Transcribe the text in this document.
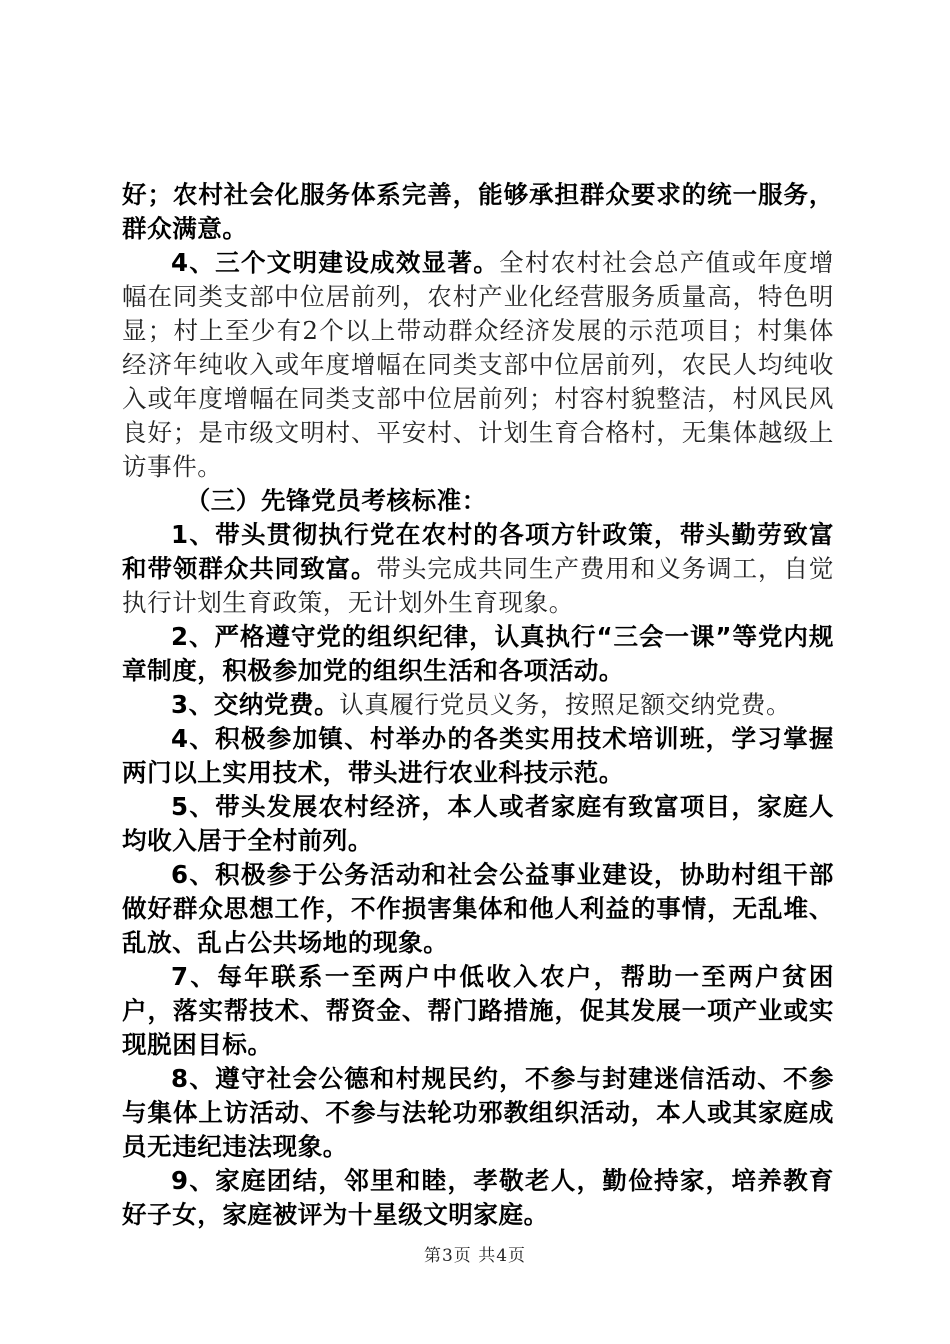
好；农村社会化服务体系完善，能够承担群众要求的统一服务，群众满意。

4、三个文明建设成效显著。全村农村社会总产值或年度增幅在同类支部中位居前列，农村产业化经营服务质量高，特色明显；村上至少有2个以上带动群众经济发展的示范项目；村集体经济年纯收入或年度增幅在同类支部中位居前列，农民人均纯收入或年度增幅在同类支部中位居前列；村容村貌整洁，村风民风良好；是市级文明村、平安村、计划生育合格村，无集体越级上访事件。

（三）先锋党员考核标准：

1、带头贯彻执行党在农村的各项方针政策，带头勤劳致富和带领群众共同致富。带头完成共同生产费用和义务调工，自觉执行计划生育政策，无计划外生育现象。

2、严格遵守党的组织纪律，认真执行“三会一课”等党内规章制度，积极参加党的组织生活和各项活动。

3、交纳党费。认真履行党员义务，按照足额交纳党费。

4、积极参加镇、村举办的各类实用技术培训班，学习掌握两门以上实用技术，带头进行农业科技示范。

5、带头发展农村经济，本人或者家庭有致富项目，家庭人均收入居于全村前列。

6、积极参于公务活动和社会公益事业建设，协助村组干部做好群众思想工作，不作损害集体和他人利益的事情，无乱堆、乱放、乱占公共场地的现象。

7、每年联系一至两户中低收入农户，帮助一至两户贫困户，落实帮技术、帮资金、帮门路措施，促其发展一项产业或实现脱困目标。

8、遵守社会公德和村规民约，不参与封建迷信活动、不参与集体上访活动、不参与法轮功邪教组织活动，本人或其家庭成员无违纪违法现象。

9、家庭团结，邻里和睦，孝敬老人，勤俭持家，培养教育好子女，家庭被评为十星级文明家庭。

第3页 共4页
